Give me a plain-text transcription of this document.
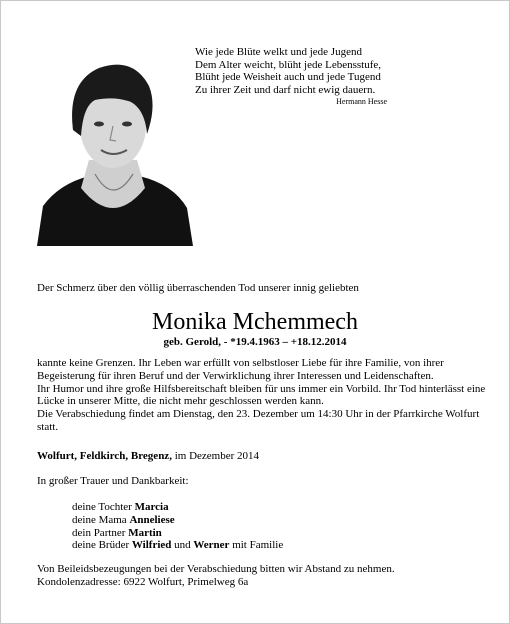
Wie jede Blüte welkt und jede Jugend
Dem Alter weicht, blüht jede Lebensstufe,
Blüht jede Weisheit auch und jede Tugend
Zu ihrer Zeit und darf nicht ewig dauern.
Hermann Hesse
Der Schmerz über den völlig überraschenden Tod unserer innig geliebten
Monika Mchemmech
geb. Gerold, - *19.4.1963 – +18.12.2014
kannte keine Grenzen. Ihr Leben war erfüllt von selbstloser Liebe für ihre Familie, von ihrer
Begeisterung für ihren Beruf und der Verwirklichung ihrer Interessen und Leidenschaften.
Ihr Humor und ihre große Hilfsbereitschaft bleiben für uns immer ein Vorbild. Ihr Tod hinterlässt eine
Lücke in unserer Mitte, die nicht mehr geschlossen werden kann.
Die Verabschiedung findet am Dienstag, den 23. Dezember um 14:30 Uhr in der Pfarrkirche Wolfurt
statt.
Wolfurt, Feldkirch, Bregenz, im Dezember 2014
In großer Trauer und Dankbarkeit:
deine Tochter Marcia
deine Mama Anneliese
dein Partner Martin
deine Brüder Wilfried und Werner mit Familie
Von Beileidsbezeugungen bei der Verabschiedung bitten wir Abstand zu nehmen.
Kondolenzadresse: 6922 Wolfurt, Primelweg 6a
